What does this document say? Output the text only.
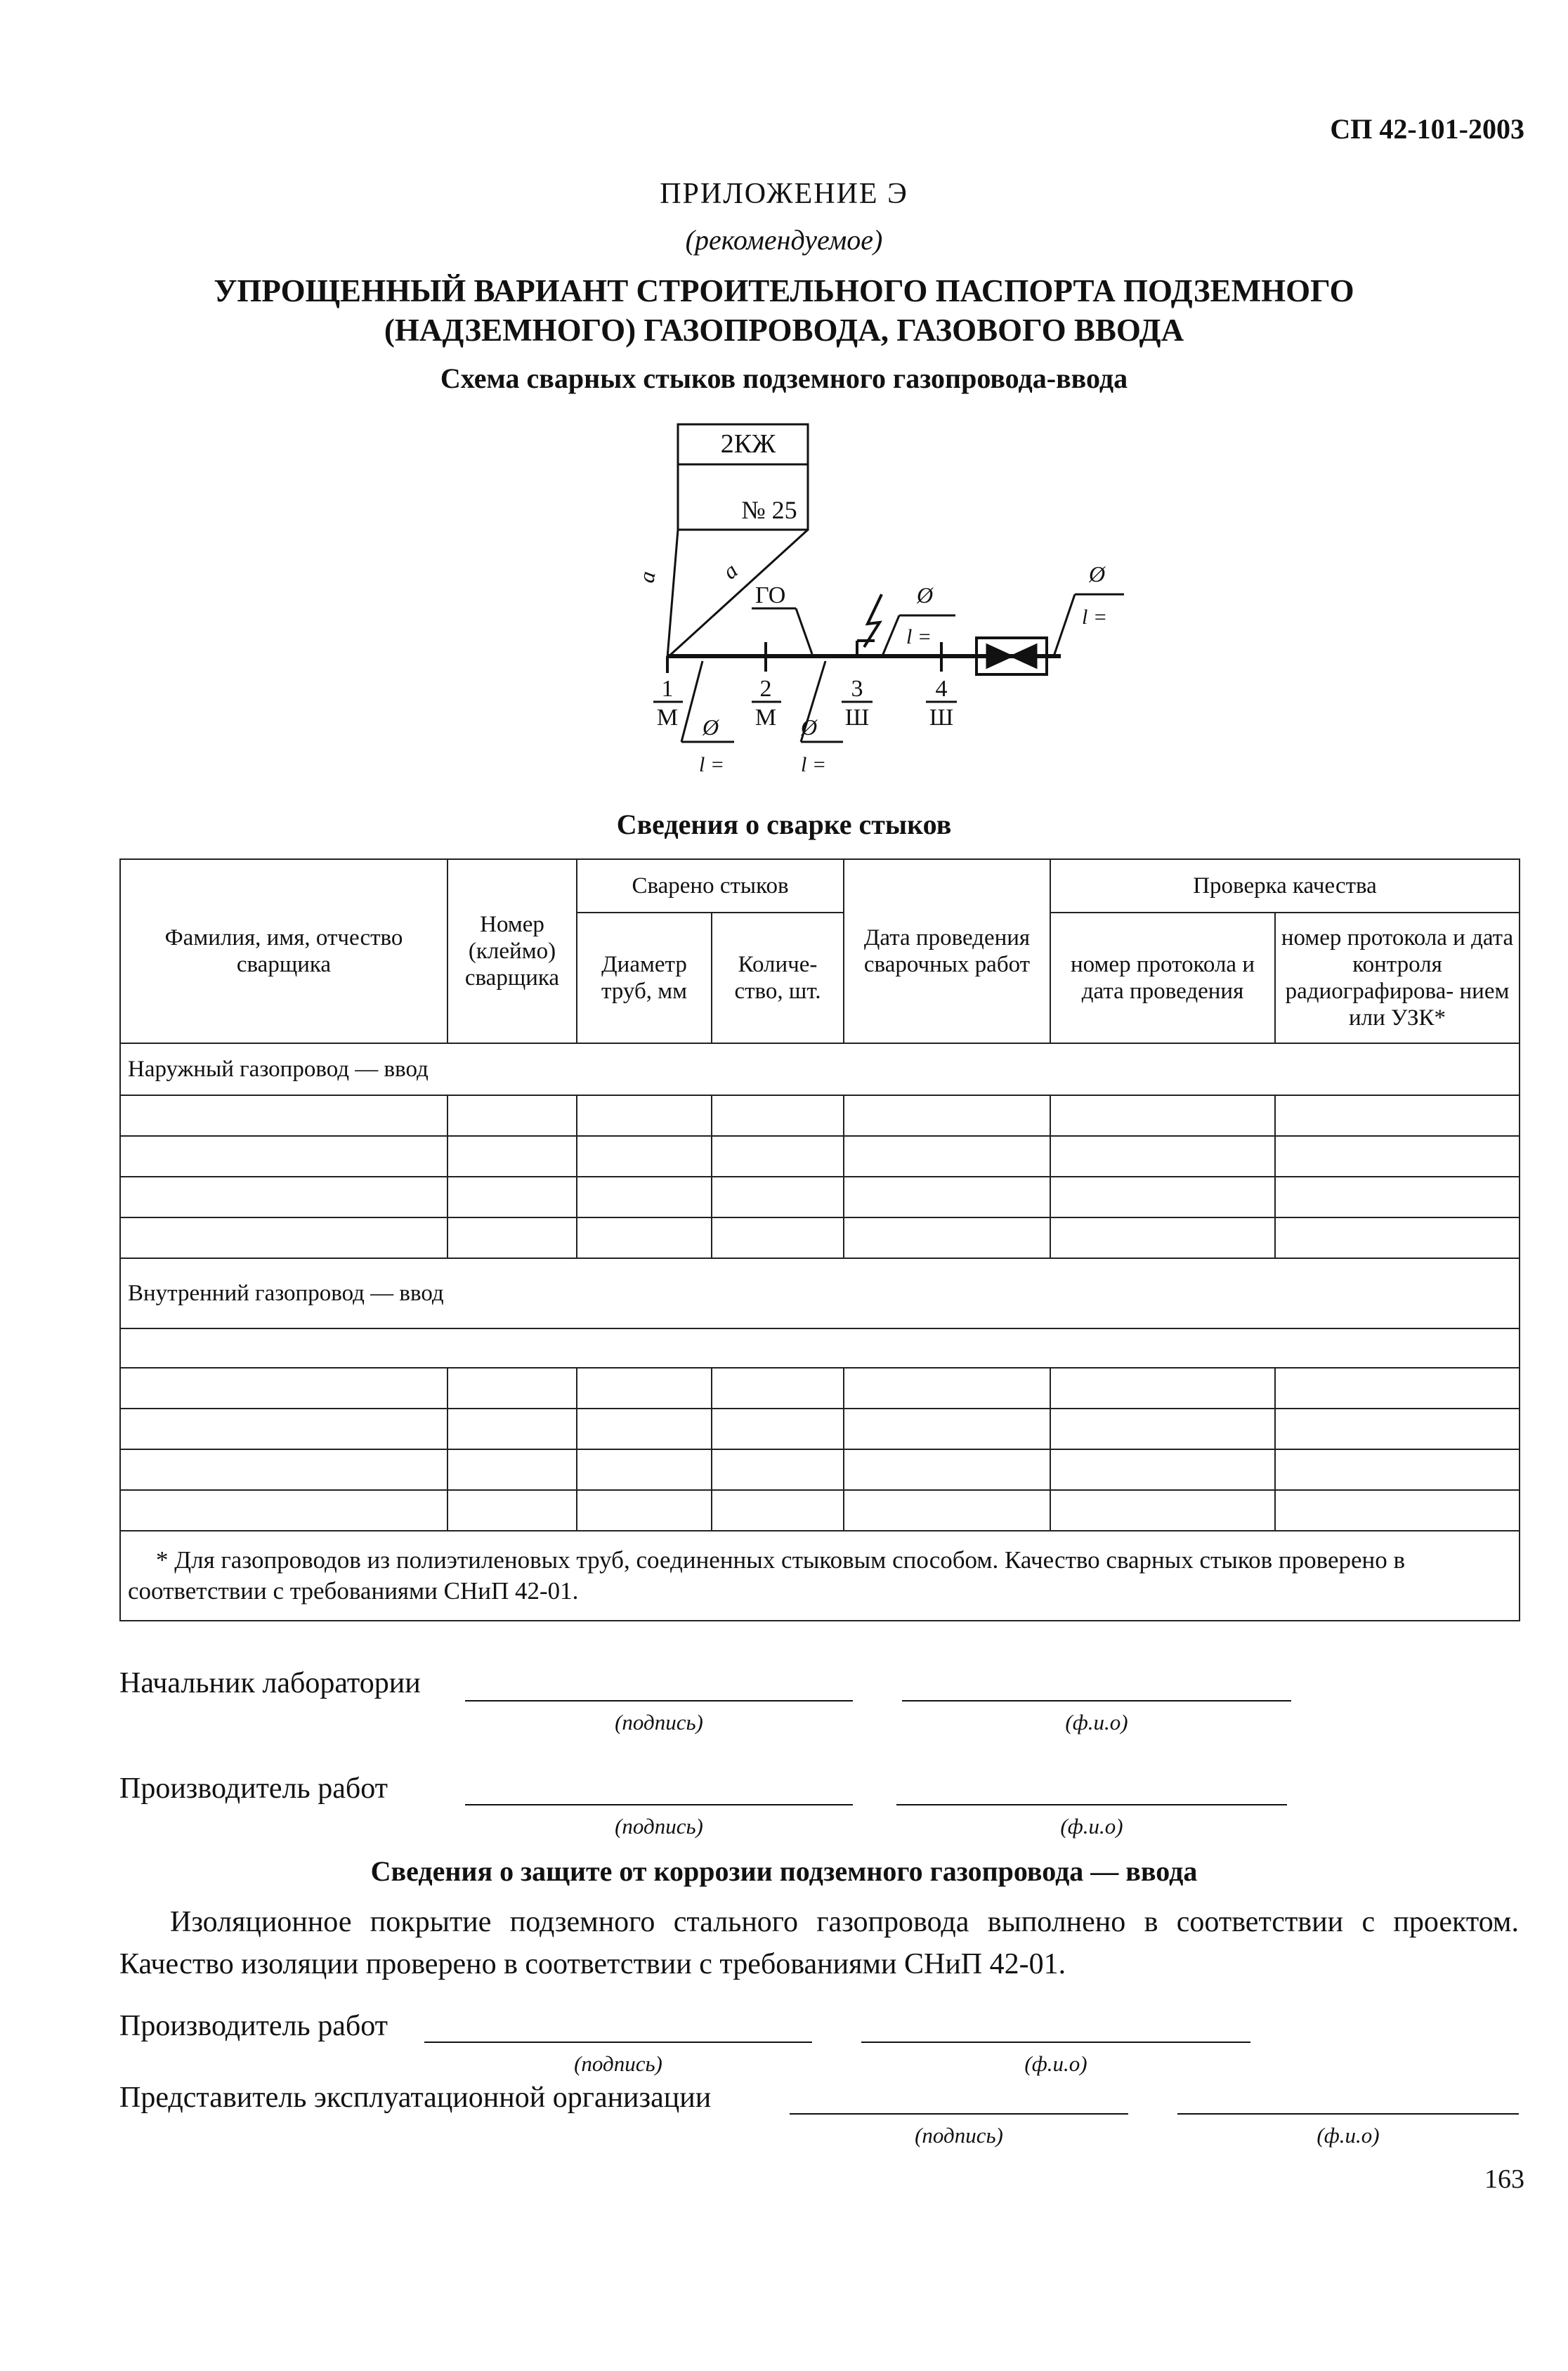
СП 42-101-2003
ПРИЛОЖЕНИЕ Э
(рекомендуемое)
УПРОЩЕННЫЙ ВАРИАНТ СТРОИТЕЛЬНОГО ПАСПОРТА ПОДЗЕМНОГО (НАДЗЕМНОГО) ГАЗОПРОВОДА, ГАЗОВОГО ВВОДА
Схема сварных стыков подземного газопровода-ввода
2КЖ
№ 25
a	a
ГО	Ø
l =
Ø
l =
Ø
l =
Ø
l =
1
М
2
М
3
Ш
4
Ш
Сведения о сварке стыков
Фамилия, имя, отчество сварщика	Номер (клеймо) сварщика	Сварено стыков		Дата проведения сварочных работ	Проверка качества	
		Диаметр труб, мм	Количе- ство, шт.		номер протокола и дата проведения	номер протокола и дата контроля радиографирова- нием или УЗК*
Наружный газопровод — ввод						

Внутренний газопровод — ввод						

* Для газопроводов из полиэтиленовых труб, соединенных стыковым способом. Качество сварных стыков проверено в соответствии с требованиями СНиП 42-01.						
Начальник лаборатории
(подпись)	(ф.и.о)
Производитель работ
(подпись)	(ф.и.о)
Сведения о защите от коррозии подземного газопровода — ввода
Изоляционное покрытие подземного стального газопровода выполнено в соответствии с проектом. Качество изоляции проверено в соответствии с требованиями СНиП 42-01.
Производитель работ
(подпись)	(ф.и.о)
Представитель эксплуатационной организации
(подпись)	(ф.и.о)
163
